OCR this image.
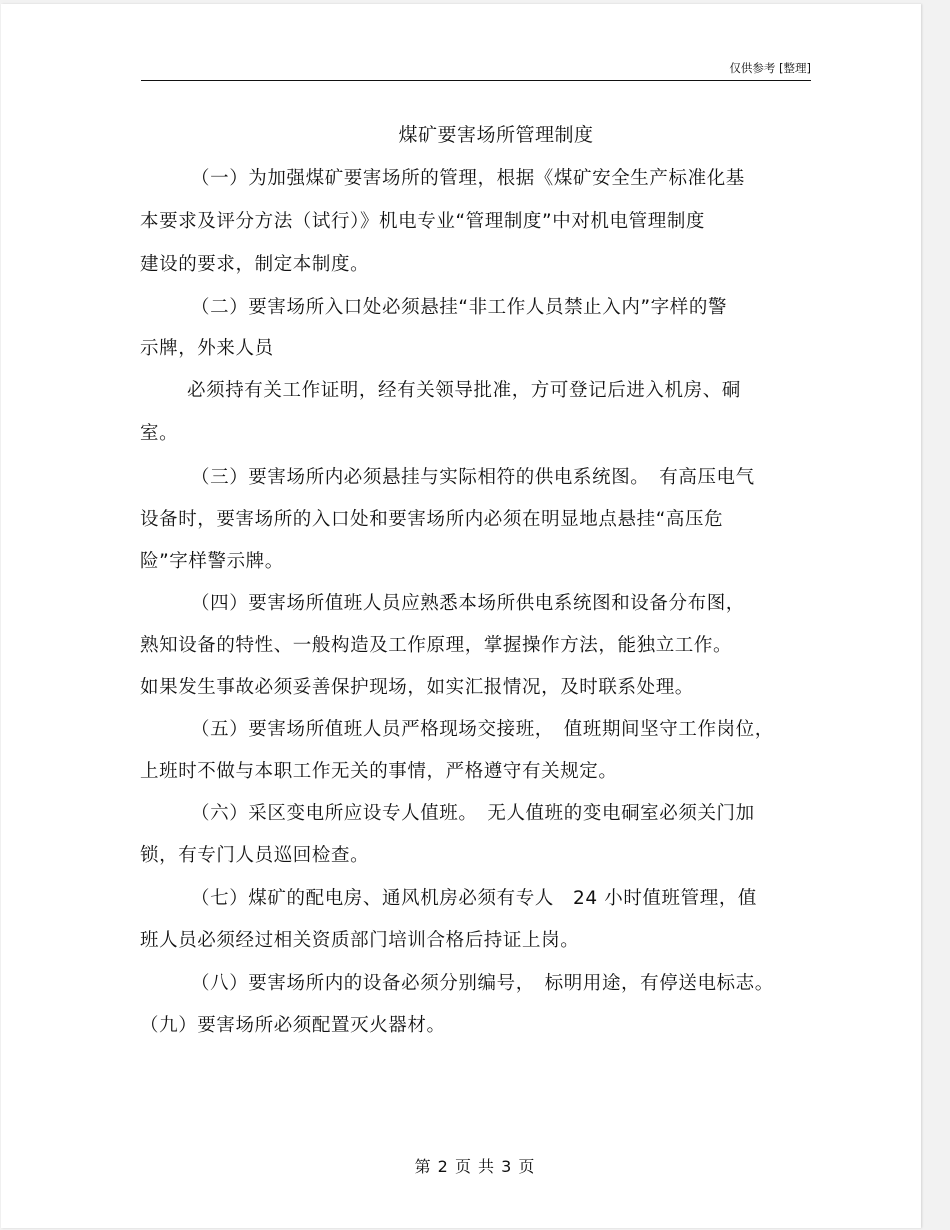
仅供参考 [整理]
煤矿要害场所管理制度
（一）为加强煤矿要害场所的管理，根据《煤矿安全生产标准化基
本要求及评分方法（试行）》机电专业“管理制度”中对机电管理制度
建设的要求，制定本制度。
（二）要害场所入口处必须悬挂“非工作人员禁止入内”字样的警
示牌，外来人员
必须持有关工作证明，经有关领导批准，方可登记后进入机房、硐
室。
（三）要害场所内必须悬挂与实际相符的供电系统图。　有高压电气
设备时，要害场所的入口处和要害场所内必须在明显地点悬挂“高压危
险”字样警示牌。
（四）要害场所值班人员应熟悉本场所供电系统图和设备分布图，
熟知设备的特性、一般构造及工作原理，掌握操作方法，能独立工作。
如果发生事故必须妥善保护现场，如实汇报情况，及时联系处理。
（五）要害场所值班人员严格现场交接班，　值班期间坚守工作岗位，
上班时不做与本职工作无关的事情，严格遵守有关规定。
（六）采区变电所应设专人值班。　无人值班的变电硐室必须关门加
锁，有专门人员巡回检查。
（七）煤矿的配电房、通风机房必须有专人　24 小时值班管理，值
班人员必须经过相关资质部门培训合格后持证上岗。
（八）要害场所内的设备必须分别编号，　标明用途，有停送电标志。
（九）要害场所必须配置灭火器材。
第 2 页 共 3 页
